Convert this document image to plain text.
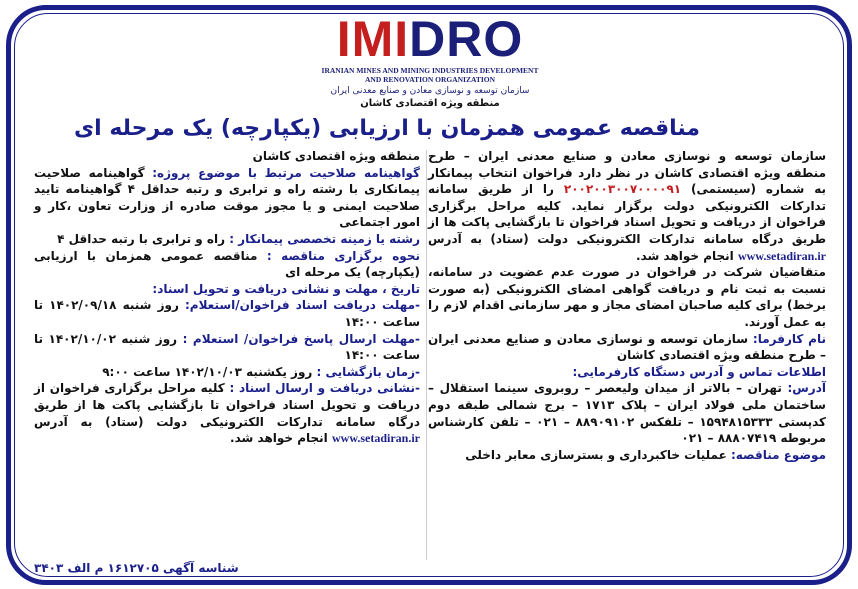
IMIDRO
IRANIAN MINES AND MINING INDUSTRIES DEVELOPMENT
AND RENOVATION ORGANIZATION
سازمان توسعه و نوسازی معادن و صنایع معدنی ایران
منطقه ویژه اقتصادی کاشان
مناقصه عمومی همزمان با ارزیابی (یکپارچه) یک مرحله ای

سازمان توسعه و نوسازی معادن و صنایع معدنی ایران – طرح منطقه ویژه اقتصادی کاشان در نظر دارد فراخوان انتخاب پیمانکار به شماره (سیستمی) ۲۰۰۲۰۰۳۰۰۷۰۰۰۰۹۱ را از طریق سامانه تدارکات الکترونیکی دولت برگزار نماید. کلیه مراحل برگزاری فراخوان از دریافت و تحویل اسناد فراخوان تا بازگشایی پاکت ها از طریق درگاه سامانه تدارکات الکترونیکی دولت (ستاد) به آدرس www.setadiran.ir انجام خواهد شد.

متقاضیان شرکت در فراخوان در صورت عدم عضویت در سامانه، نسبت به ثبت نام و دریافت گواهی امضای الکترونیکی (به صورت برخط) برای کلیه صاحبان امضای مجاز و مهر سازمانی اقدام لازم را به عمل آورند.

نام کارفرما: سازمان توسعه و نوسازی معادن و صنایع معدنی ایران – طرح منطقه ویژه اقتصادی کاشان

اطلاعات تماس و آدرس دستگاه کارفرمایی:

آدرس: تهران – بالاتر از میدان ولیعصر – روبروی سینما استقلال – ساختمان ملی فولاد ایران – پلاک ۱۷۱۳ – برج شمالی طبقه دوم کدپستی ۱۵۹۴۸۱۵۳۳۳ – تلفکس ۸۸۹۰۹۱۰۲ – ۰۲۱ – تلفن کارشناس مربوطه ۸۸۸۰۷۴۱۹ – ۰۲۱

موضوع مناقصه: عملیات خاکبرداری و بسترسازی معابر داخلی

منطقه ویژه اقتصادی کاشان

گواهینامه صلاحیت مرتبط با موضوع پروژه: گواهینامه صلاحیت پیمانکاری با رشته راه و ترابری و رتبه حداقل ۴ گواهینامه تایید صلاحیت ایمنی و یا مجوز موقت صادره از وزارت تعاون ،کار و امور اجتماعی

رشته یا زمینه تخصصی پیمانکار : راه و ترابری با رتبه حداقل ۴

نحوه برگزاری مناقصه : مناقصه عمومی همزمان با ارزیابی (یکپارچه) یک مرحله ای

تاریخ ، مهلت و نشانی دریافت و تحویل اسناد:

-مهلت دریافت اسناد فراخوان/استعلام: روز شنبه ۱۴۰۲/۰۹/۱۸ تا ساعت ۱۴:۰۰

-مهلت ارسال پاسخ فراخوان/ استعلام : روز شنبه ۱۴۰۲/۱۰/۰۲ تا ساعت ۱۴:۰۰

-زمان بازگشایی : روز یکشنبه ۱۴۰۲/۱۰/۰۳ ساعت ۹:۰۰

-نشانی دریافت و ارسال اسناد : کلیه مراحل برگزاری فراخوان از دریافت و تحویل اسناد فراخوان تا بازگشایی پاکت ها از طریق درگاه سامانه تدارکات الکترونیکی دولت (ستاد) به آدرس www.setadiran.ir انجام خواهد شد.

شناسه آگهی ۱۶۱۲۷۰۵ م الف ۳۴۰۳
